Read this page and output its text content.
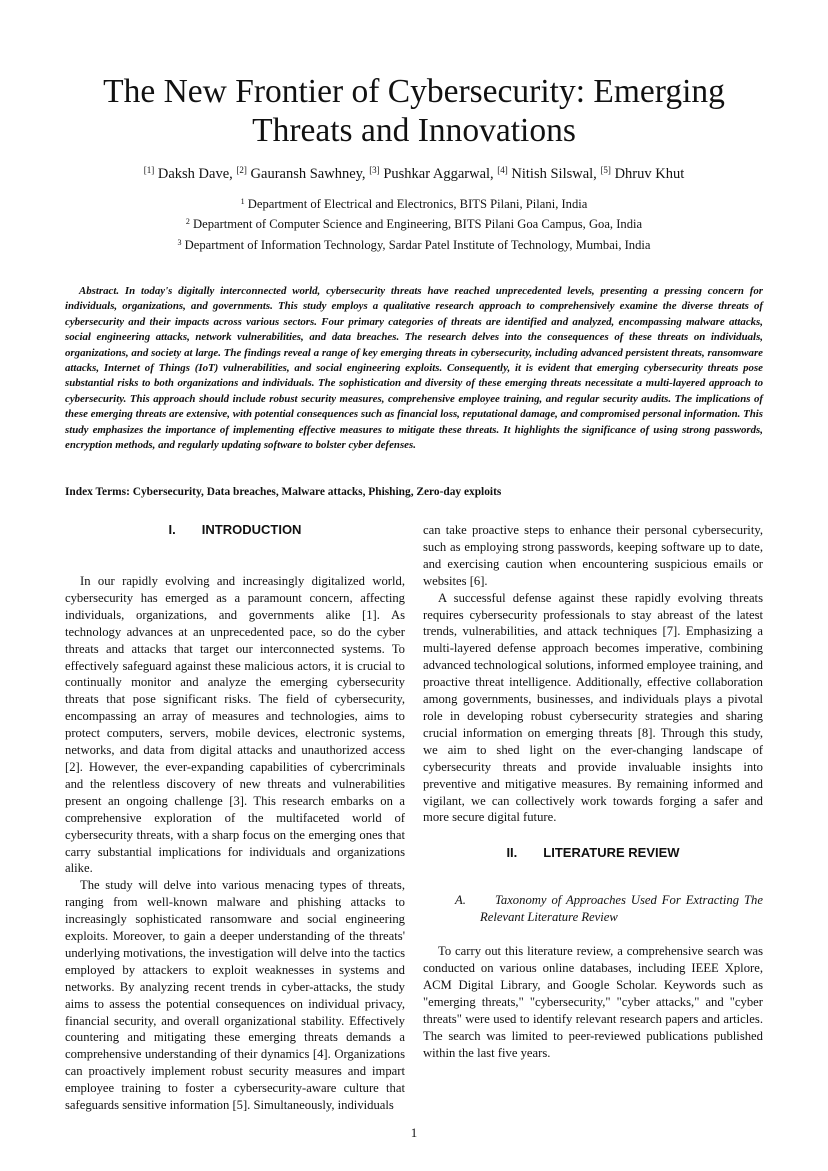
The New Frontier of Cybersecurity: Emerging Threats and Innovations
[1] Daksh Dave, [2] Gauransh Sawhney, [3] Pushkar Aggarwal, [4] Nitish Silswal, [5] Dhruv Khut
$^1$ Department of Electrical and Electronics, BITS Pilani, Pilani, India
$^2$ Department of Computer Science and Engineering, BITS Pilani Goa Campus, Goa, India
$^3$ Department of Information Technology, Sardar Patel Institute of Technology, Mumbai, India

Abstract. In today's digitally interconnected world, cybersecurity threats have reached unprecedented levels, presenting a pressing concern for individuals, organizations, and governments. This study employs a qualitative research approach to comprehensively examine the diverse threats of cybersecurity and their impacts across various sectors. Four primary categories of threats are identified and analyzed, encompassing malware attacks, social engineering attacks, network vulnerabilities, and data breaches. The research delves into the consequences of these threats on individuals, organizations, and society at large. The findings reveal a range of key emerging threats in cybersecurity, including advanced persistent threats, ransomware attacks, Internet of Things (IoT) vulnerabilities, and social engineering exploits. Consequently, it is evident that emerging cybersecurity threats pose substantial risks to both organizations and individuals. The sophistication and diversity of these emerging threats necessitate a multi-layered approach to cybersecurity. This approach should include robust security measures, comprehensive employee training, and regular security audits. The implications of these emerging threats are extensive, with potential consequences such as financial loss, reputational damage, and compromised personal information. This study emphasizes the importance of implementing effective measures to mitigate these threats. It highlights the significance of using strong passwords, encryption methods, and regularly updating software to bolster cyber defenses.

Index Terms: Cybersecurity, Data breaches, Malware attacks, Phishing, Zero-day exploits
I. INTRODUCTION

In our rapidly evolving and increasingly digitalized world, cybersecurity has emerged as a paramount concern, affecting individuals, organizations, and governments alike [1]. As technology advances at an unprecedented pace, so do the cyber threats and attacks that target our interconnected systems. To effectively safeguard against these malicious actors, it is crucial to continually monitor and analyze the emerging cybersecurity threats that pose significant risks. The field of cybersecurity, encompassing an array of measures and technologies, aims to protect computers, servers, mobile devices, electronic systems, networks, and data from digital attacks and unauthorized access [2]. However, the ever-expanding capabilities of cybercriminals and the relentless discovery of new threats and vulnerabilities present an ongoing challenge [3]. This research embarks on a comprehensive exploration of the multifaceted world of cybersecurity threats, with a sharp focus on the emerging ones that carry substantial implications for individuals and organizations alike.

The study will delve into various menacing types of threats, ranging from well-known malware and phishing attacks to increasingly sophisticated ransomware and social engineering exploits. Moreover, to gain a deeper understanding of the threats' underlying motivations, the investigation will delve into the tactics employed by attackers to exploit weaknesses in systems and networks. By analyzing recent trends in cyber-attacks, the study aims to assess the potential consequences on individual privacy, financial security, and overall organizational stability. Effectively countering and mitigating these emerging threats demands a comprehensive understanding of their dynamics [4]. Organizations can proactively implement robust security measures and impart employee training to foster a cybersecurity-aware culture that safeguards sensitive information [5]. Simultaneously, individuals

can take proactive steps to enhance their personal cybersecurity, such as employing strong passwords, keeping software up to date, and exercising caution when encountering suspicious emails or websites [6].

A successful defense against these rapidly evolving threats requires cybersecurity professionals to stay abreast of the latest trends, vulnerabilities, and attack techniques [7]. Emphasizing a multi-layered defense approach becomes imperative, combining advanced technological solutions, informed employee training, and proactive threat intelligence. Additionally, effective collaboration among governments, businesses, and individuals plays a pivotal role in developing robust cybersecurity strategies and sharing crucial information on emerging threats [8]. Through this study, we aim to shed light on the ever-changing landscape of cybersecurity threats and provide invaluable insights into preventive and mitigative measures. By remaining informed and vigilant, we can collectively work towards forging a safer and more secure digital future.

II. LITERATURE REVIEW

A. Taxonomy of Approaches Used For Extracting The Relevant Literature Review

To carry out this literature review, a comprehensive search was conducted on various online databases, including IEEE Xplore, ACM Digital Library, and Google Scholar. Keywords such as "emerging threats," "cybersecurity," "cyber attacks," and "cyber threats" were used to identify relevant research papers and articles. The search was limited to peer-reviewed publications published within the last five years.

1
